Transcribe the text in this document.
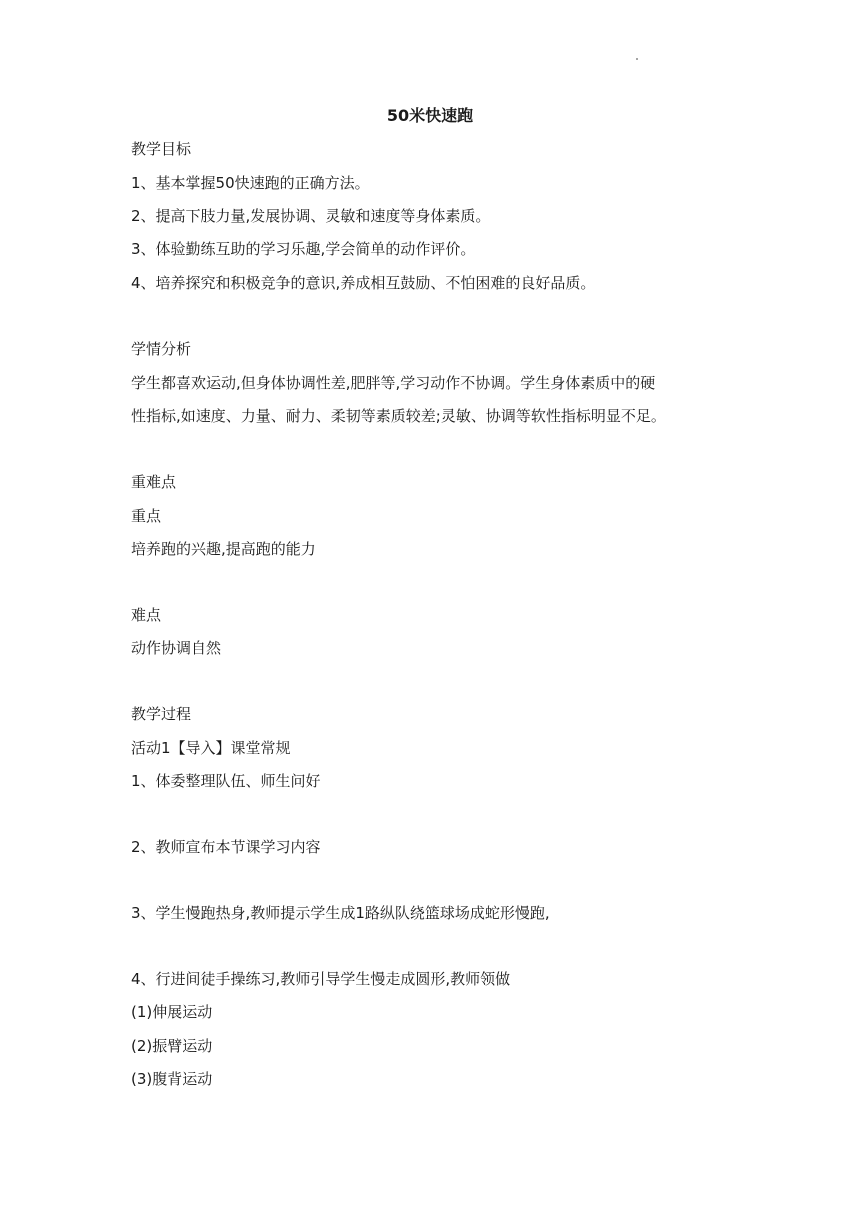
50米快速跑
教学目标
1、基本掌握50快速跑的正确方法。
2、提高下肢力量,发展协调、灵敏和速度等身体素质。
3、体验勤练互助的学习乐趣,学会简单的动作评价。
4、培养探究和积极竞争的意识,养成相互鼓励、不怕困难的良好品质。
学情分析
学生都喜欢运动,但身体协调性差,肥胖等,学习动作不协调。学生身体素质中的硬
性指标,如速度、力量、耐力、柔韧等素质较差;灵敏、协调等软性指标明显不足。
重难点
重点
培养跑的兴趣,提高跑的能力
难点
动作协调自然
教学过程
活动1【导入】课堂常规
1、体委整理队伍、师生问好
2、教师宣布本节课学习内容
3、学生慢跑热身,教师提示学生成1路纵队绕篮球场成蛇形慢跑,
4、行进间徒手操练习,教师引导学生慢走成圆形,教师领做
(1)伸展运动
(2)振臂运动
(3)腹背运动
